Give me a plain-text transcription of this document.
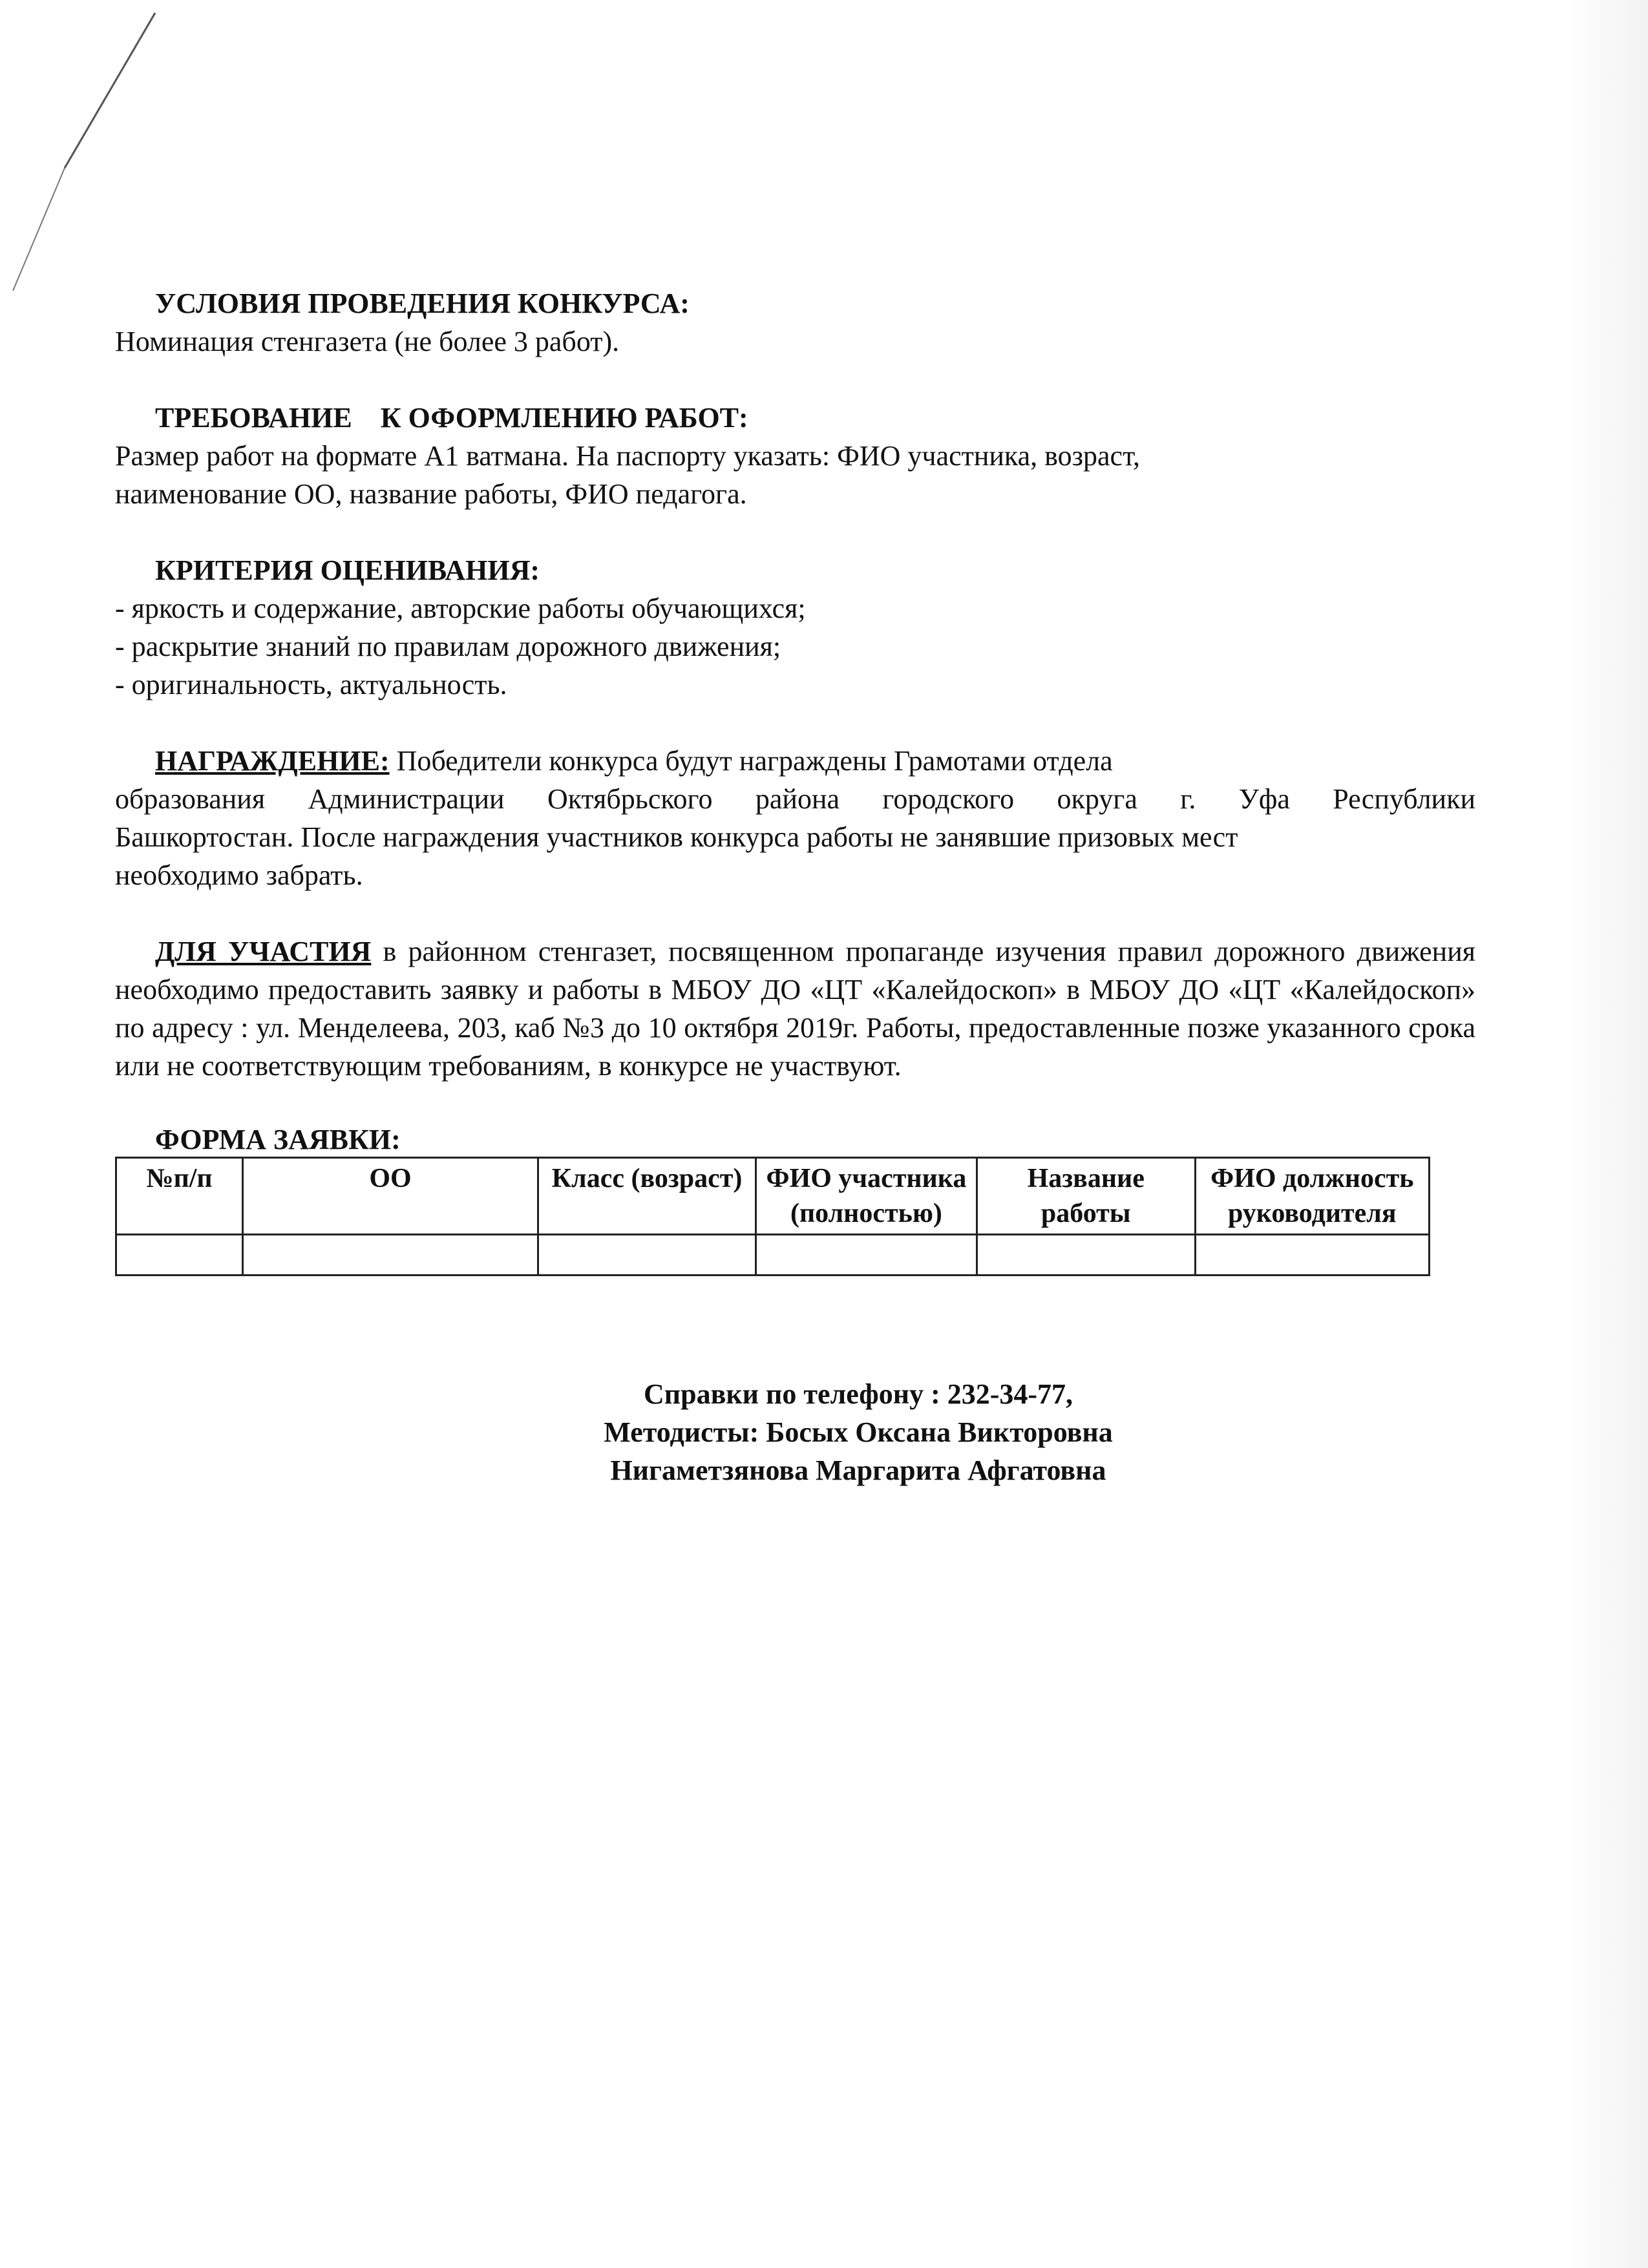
УСЛОВИЯ ПРОВЕДЕНИЯ КОНКУРСА:

Номинация стенгазета (не более 3 работ).

ТРЕБОВАНИЕ    К ОФОРМЛЕНИЮ РАБОТ:

Размер работ на формате А1 ватмана. На паспорту указать: ФИО участника, возраст,

наименование ОО, название работы, ФИО педагога.

КРИТЕРИЯ ОЦЕНИВАНИЯ:

- яркость и содержание, авторские работы обучающихся;

- раскрытие знаний по правилам дорожного движения;

- оригинальность, актуальность.

НАГРАЖДЕНИЕ: Победители конкурса будут награждены Грамотами отдела

образования Администрации Октябрьского района городского округа г. Уфа Республики

Башкортостан. После награждения участников конкурса работы не занявшие призовых мест

необходимо забрать.

ДЛЯ УЧАСТИЯ в районном стенгазет, посвященном пропаганде изучения правил дорожного движения необходимо предоставить заявку и работы в МБОУ ДО «ЦТ «Калейдоскоп» в МБОУ ДО «ЦТ «Калейдоскоп» по адресу : ул. Менделеева, 203, каб №3 до 10 октября 2019г. Работы, предоставленные позже указанного срока или не соответствующим требованиям, в конкурсе не участвуют.

ФОРМА ЗАЯВКИ:

№п/п	ОО	Класс (возраст)	ФИО участника (полностью)	Название работы	ФИО должность руководителя

Справки по телефону : 232-34-77,
Методисты: Босых Оксана Викторовна
Нигаметзянова Маргарита Афгатовна
